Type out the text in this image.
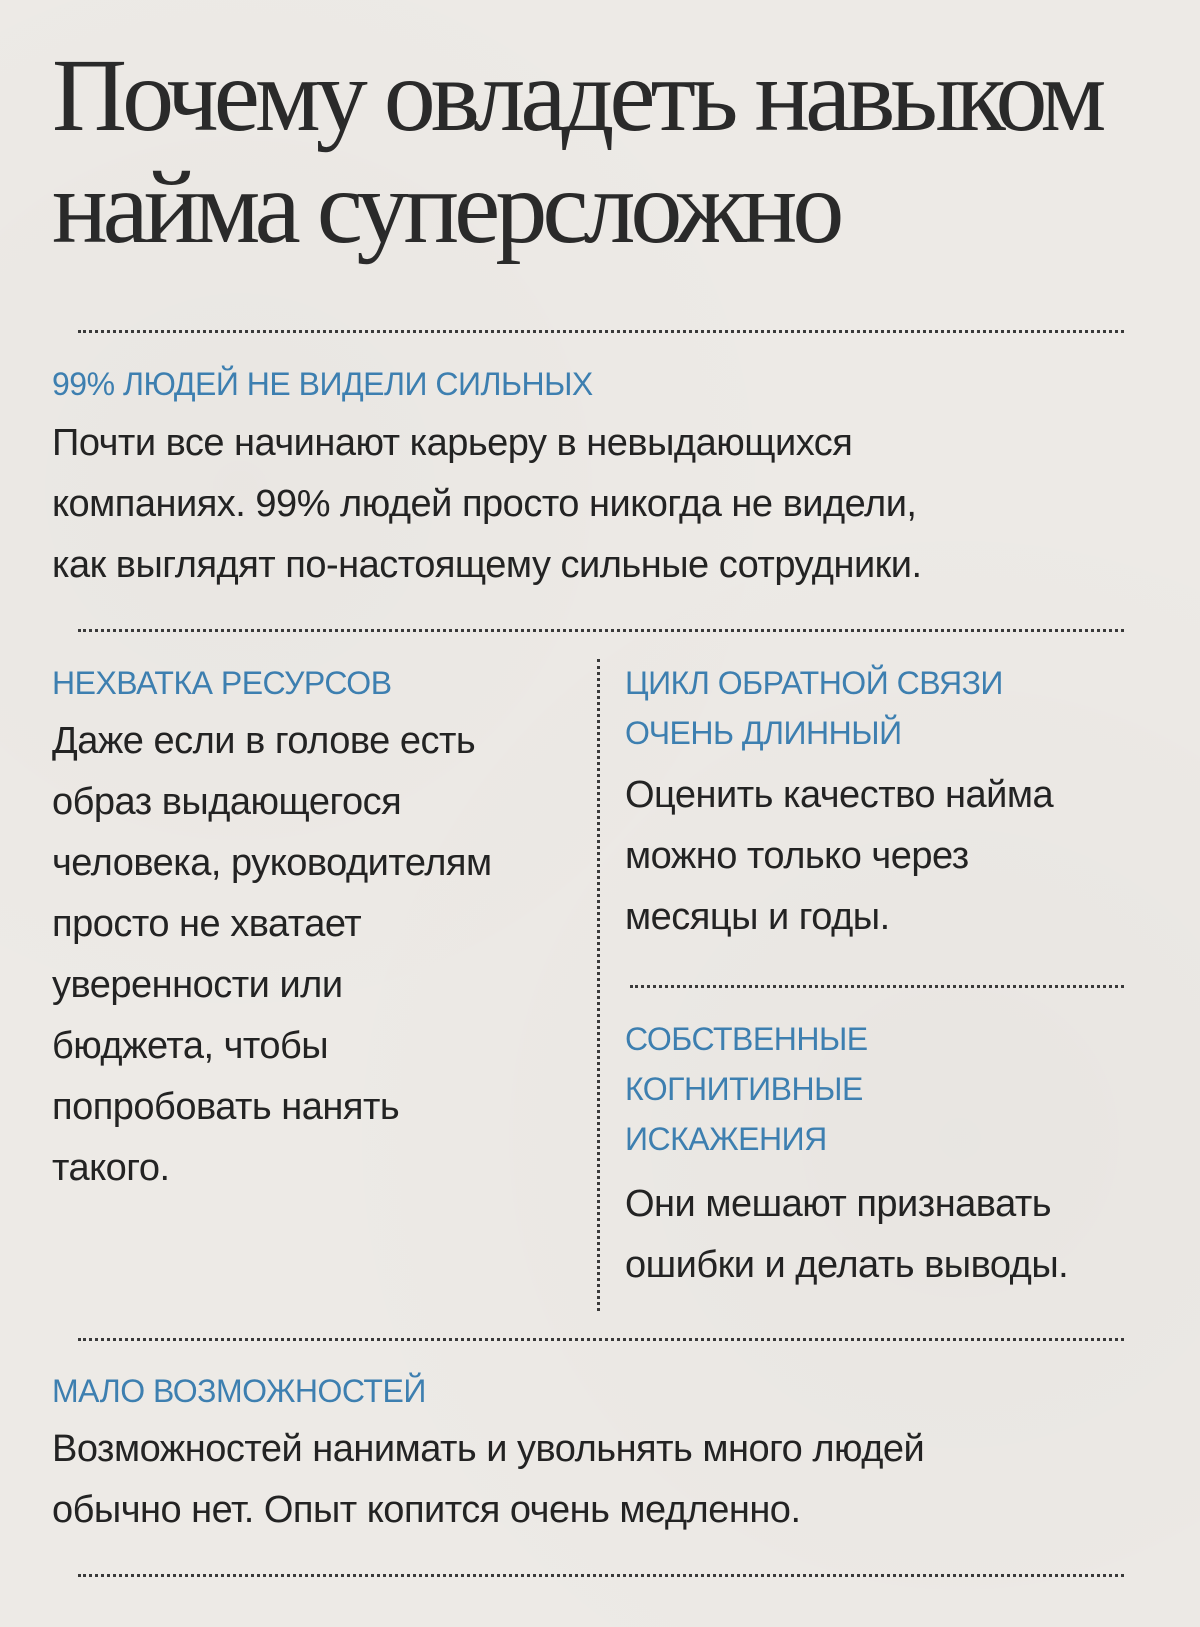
Почему овладеть навыком
найма суперсложно
99% ЛЮДЕЙ НЕ ВИДЕЛИ СИЛЬНЫХ

Почти все начинают карьеру в невыдающихся
компаниях. 99% людей просто никогда не видели,
как выглядят по-настоящему сильные сотрудники.

НЕХВАТКА РЕСУРСОВ

Даже если в голове есть
образ выдающегося
человека, руководителям
просто не хватает
уверенности или
бюджета, чтобы
попробовать нанять
такого.

ЦИКЛ ОБРАТНОЙ СВЯЗИ
ОЧЕНЬ ДЛИННЫЙ

Оценить качество найма
можно только через
месяцы и годы.

СОБСТВЕННЫЕ
КОГНИТИВНЫЕ
ИСКАЖЕНИЯ

Они мешают признавать
ошибки и делать выводы.

МАЛО ВОЗМОЖНОСТЕЙ

Возможностей нанимать и увольнять много людей
обычно нет. Опыт копится очень медленно.
